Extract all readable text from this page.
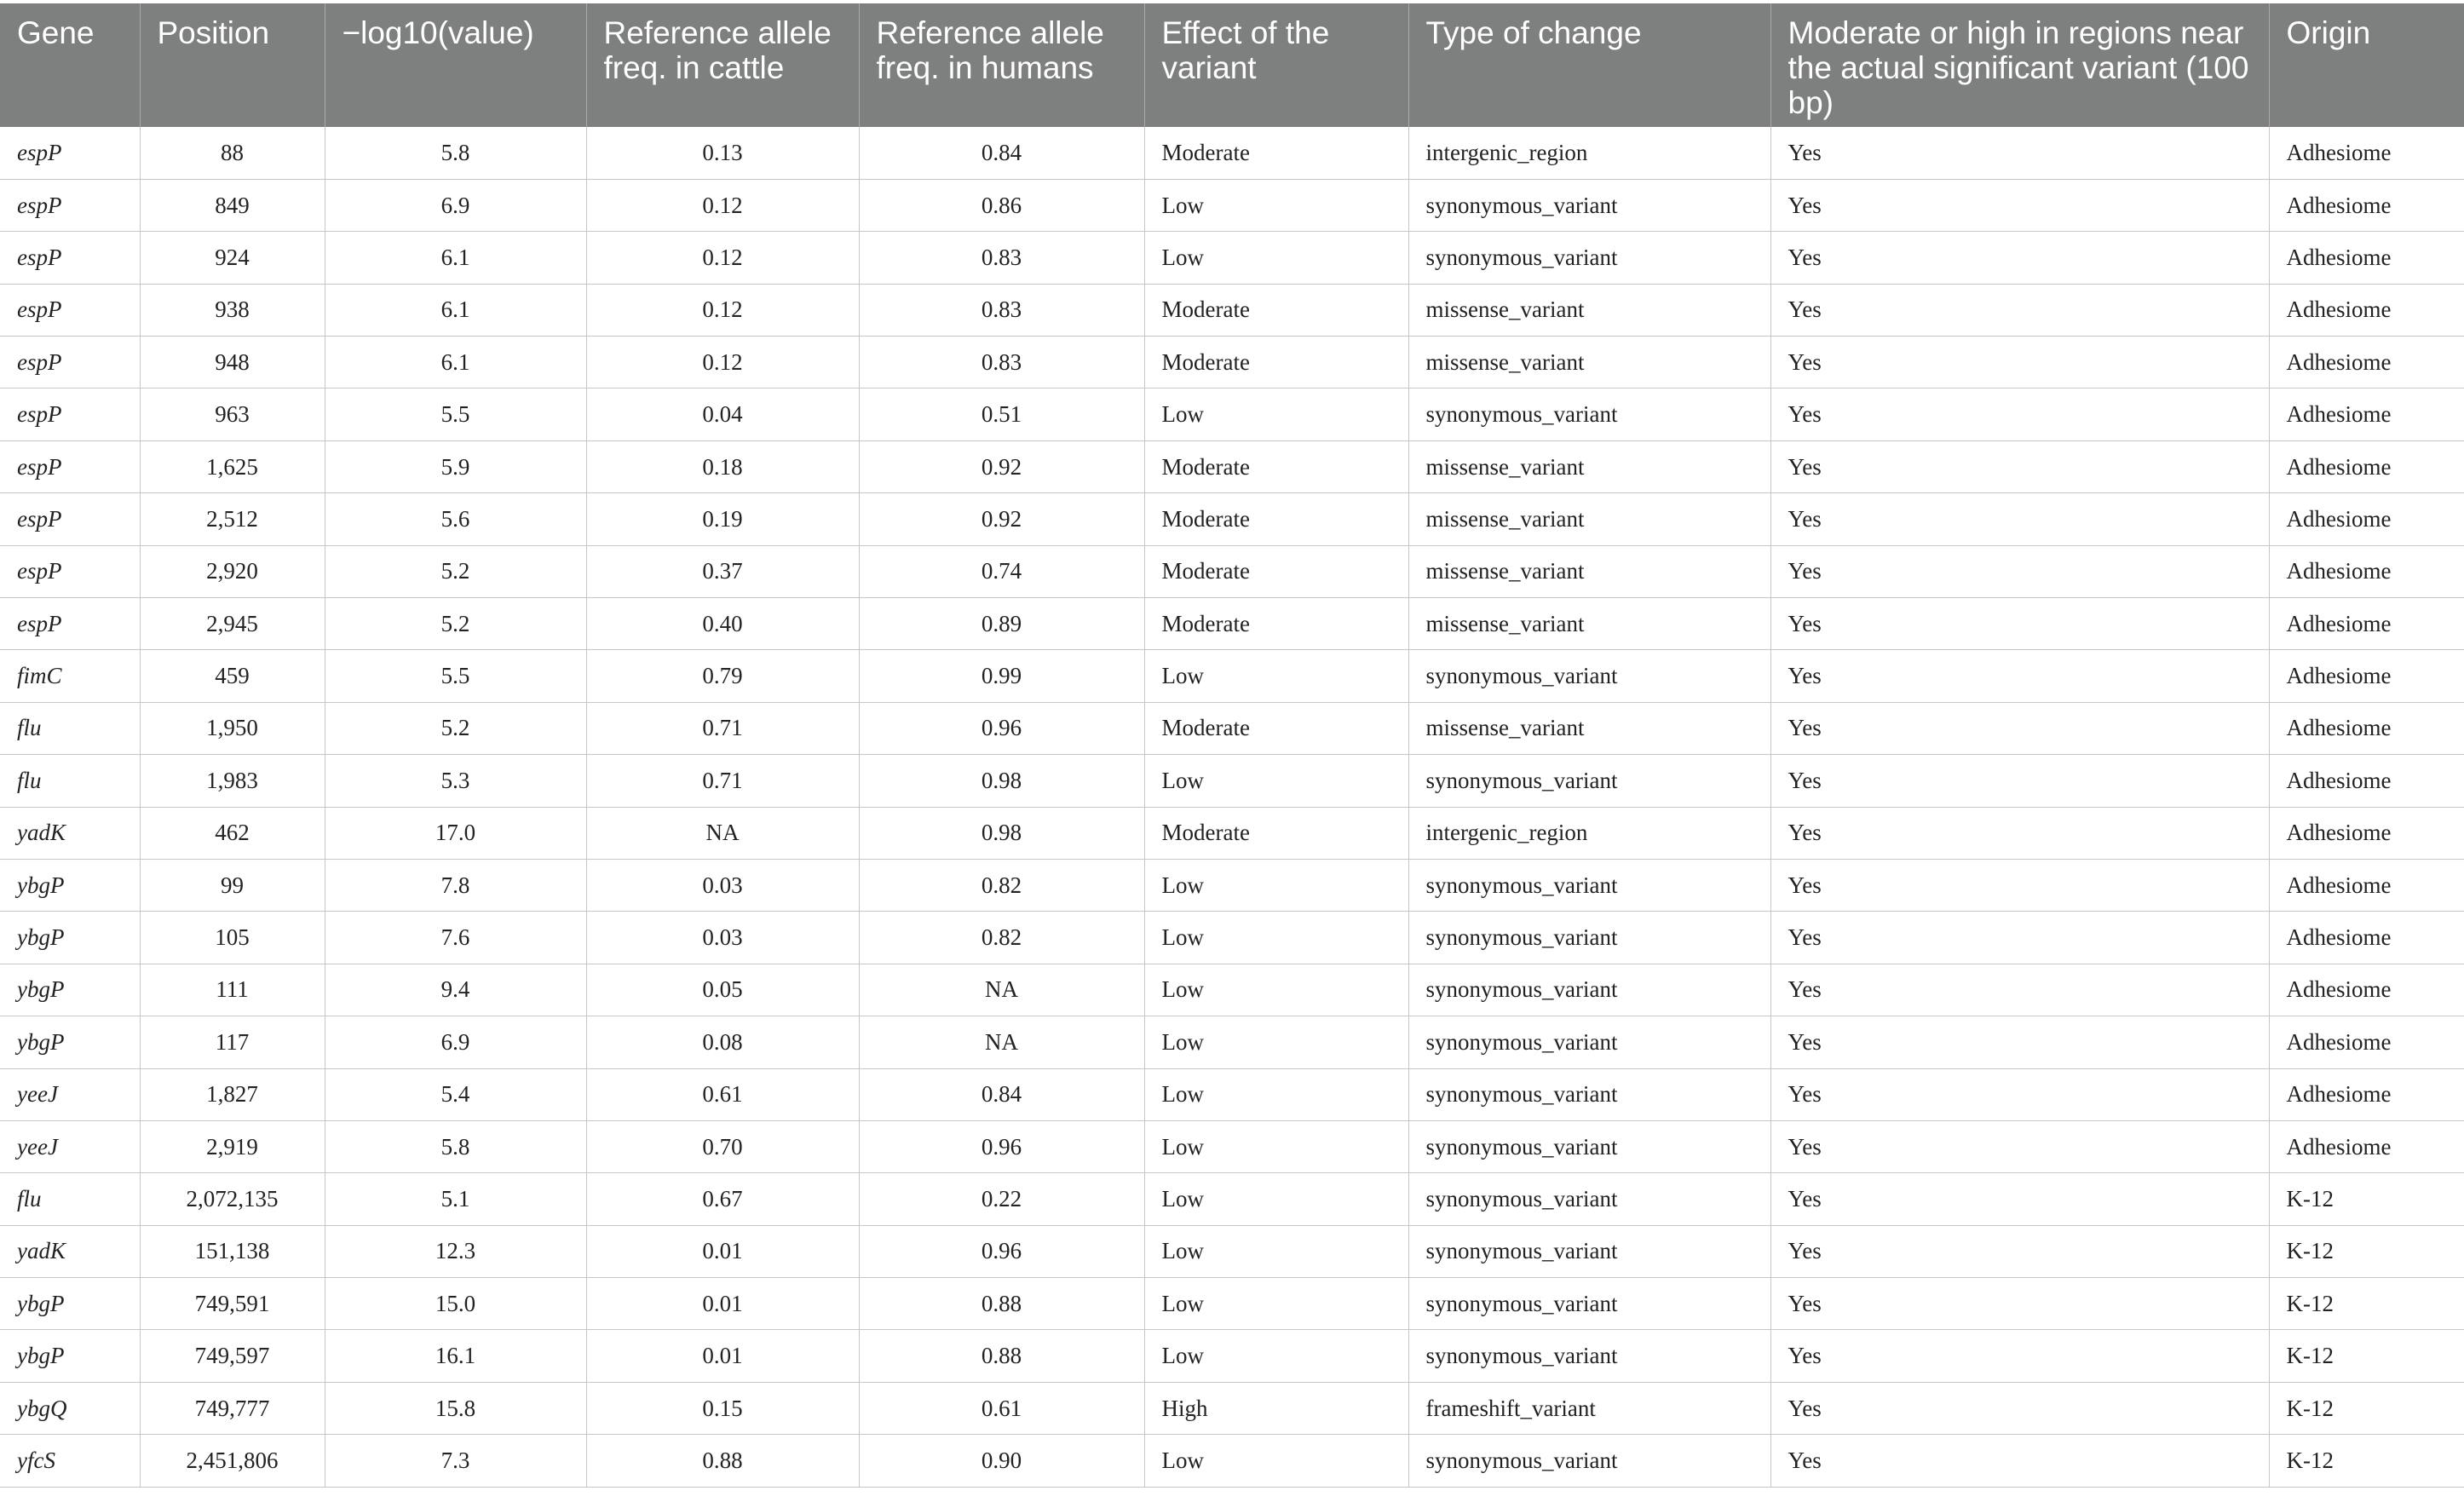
Gene	Position	−log10(value)	Reference allele freq. in cattle	Reference allele freq. in humans	Effect of the variant	Type of change	Moderate or high in regions near the actual significant variant (100 bp)	Origin
espP	88	5.8	0.13	0.84	Moderate	intergenic_region	Yes	Adhesiome
espP	849	6.9	0.12	0.86	Low	synonymous_variant	Yes	Adhesiome
espP	924	6.1	0.12	0.83	Low	synonymous_variant	Yes	Adhesiome
espP	938	6.1	0.12	0.83	Moderate	missense_variant	Yes	Adhesiome
espP	948	6.1	0.12	0.83	Moderate	missense_variant	Yes	Adhesiome
espP	963	5.5	0.04	0.51	Low	synonymous_variant	Yes	Adhesiome
espP	1,625	5.9	0.18	0.92	Moderate	missense_variant	Yes	Adhesiome
espP	2,512	5.6	0.19	0.92	Moderate	missense_variant	Yes	Adhesiome
espP	2,920	5.2	0.37	0.74	Moderate	missense_variant	Yes	Adhesiome
espP	2,945	5.2	0.40	0.89	Moderate	missense_variant	Yes	Adhesiome
fimC	459	5.5	0.79	0.99	Low	synonymous_variant	Yes	Adhesiome
flu	1,950	5.2	0.71	0.96	Moderate	missense_variant	Yes	Adhesiome
flu	1,983	5.3	0.71	0.98	Low	synonymous_variant	Yes	Adhesiome
yadK	462	17.0	NA	0.98	Moderate	intergenic_region	Yes	Adhesiome
ybgP	99	7.8	0.03	0.82	Low	synonymous_variant	Yes	Adhesiome
ybgP	105	7.6	0.03	0.82	Low	synonymous_variant	Yes	Adhesiome
ybgP	111	9.4	0.05	NA	Low	synonymous_variant	Yes	Adhesiome
ybgP	117	6.9	0.08	NA	Low	synonymous_variant	Yes	Adhesiome
yeeJ	1,827	5.4	0.61	0.84	Low	synonymous_variant	Yes	Adhesiome
yeeJ	2,919	5.8	0.70	0.96	Low	synonymous_variant	Yes	Adhesiome
flu	2,072,135	5.1	0.67	0.22	Low	synonymous_variant	Yes	K-12
yadK	151,138	12.3	0.01	0.96	Low	synonymous_variant	Yes	K-12
ybgP	749,591	15.0	0.01	0.88	Low	synonymous_variant	Yes	K-12
ybgP	749,597	16.1	0.01	0.88	Low	synonymous_variant	Yes	K-12
ybgQ	749,777	15.8	0.15	0.61	High	frameshift_variant	Yes	K-12
yfcS	2,451,806	7.3	0.88	0.90	Low	synonymous_variant	Yes	K-12
